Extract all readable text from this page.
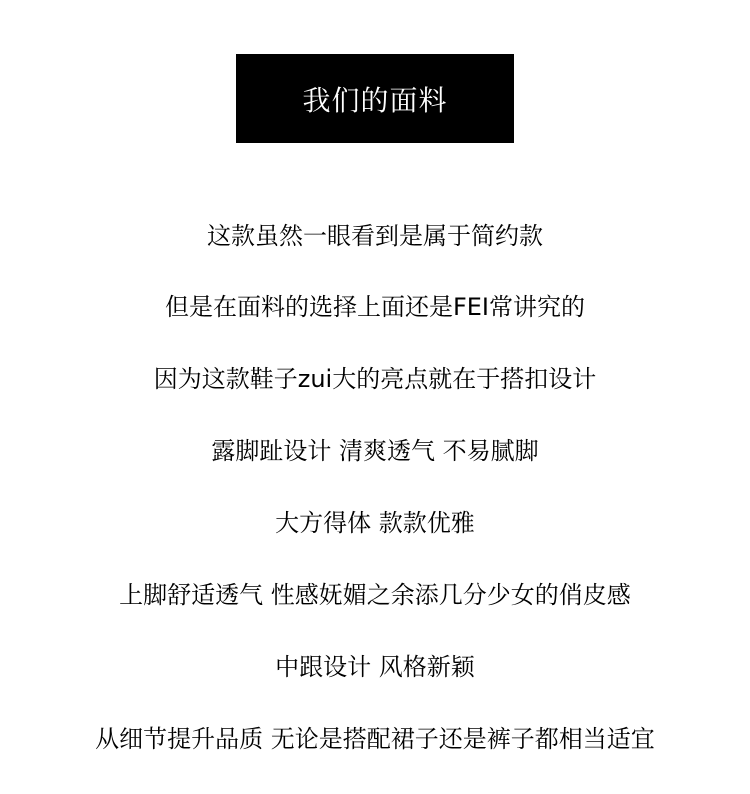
我们的面料
这款虽然一眼看到是属于简约款
但是在面料的选择上面还是FEI常讲究的
因为这款鞋子zui大的亮点就在于搭扣设计
露脚趾设计 清爽透气 不易腻脚
大方得体 款款优雅
上脚舒适透气 性感妩媚之余添几分少女的俏皮感
中跟设计 风格新颖
从细节提升品质 无论是搭配裙子还是裤子都相当适宜
